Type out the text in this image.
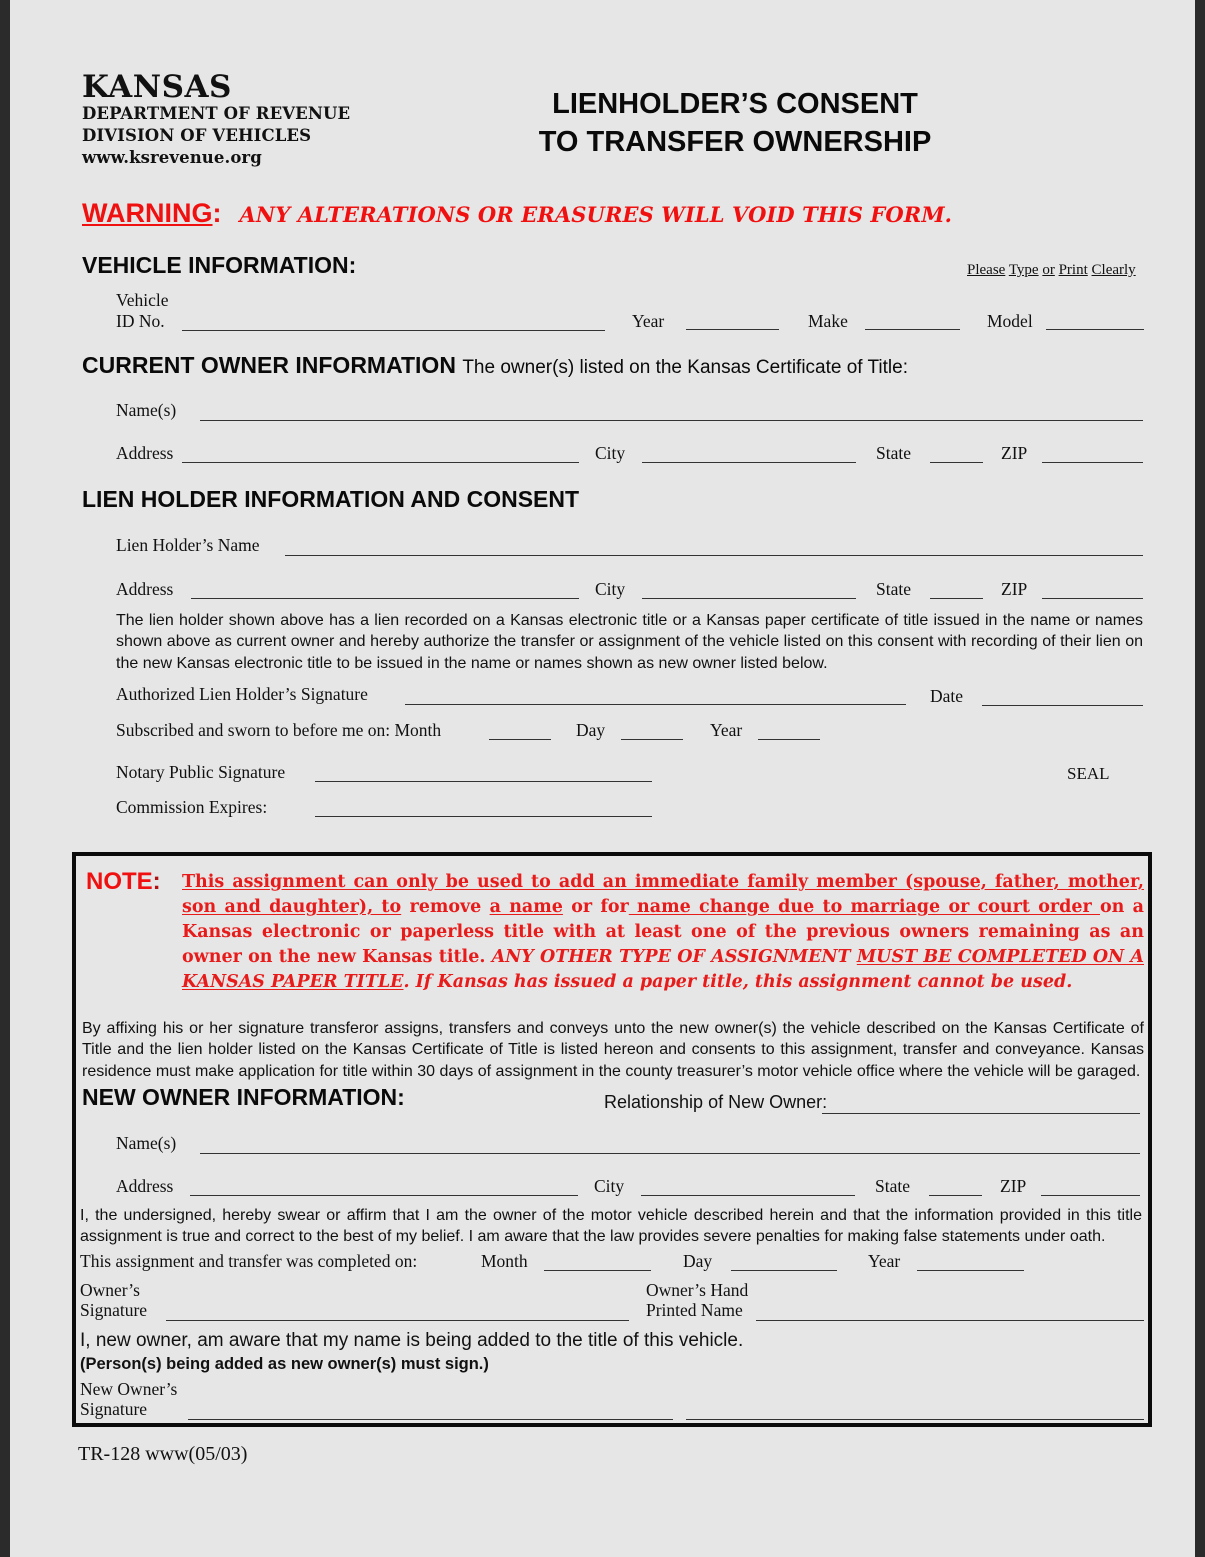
KANSAS
DEPARTMENT OF REVENUE
DIVISION OF VEHICLES
www.ksrevenue.org
LIENHOLDER’S CONSENT
TO TRANSFER OWNERSHIP
WARNING: ANY ALTERATIONS OR ERASURES WILL VOID THIS FORM.
VEHICLE INFORMATION:	Please Type or Print Clearly
Vehicle
ID No.	Year	Make	Model
CURRENT OWNER INFORMATION The owner(s) listed on the Kansas Certificate of Title:
Name(s)
Address	City	State	ZIP
LIEN HOLDER INFORMATION AND CONSENT
Lien Holder’s Name
Address	City	State	ZIP
The lien holder shown above has a lien recorded on a Kansas electronic title or a Kansas paper certificate of title issued in the name or names shown above as current owner and hereby authorize the transfer or assignment of the vehicle listed on this consent with recording of their lien on the new Kansas electronic title to be issued in the name or names shown as new owner listed below.
Authorized Lien Holder’s Signature	Date
Subscribed and sworn to before me on: Month	Day	Year
Notary Public Signature	SEAL
Commission Expires:
NOTE: This assignment can only be used to add an immediate family member (spouse, father, mother, son and daughter), to remove a name or for name change due to marriage or court order on a Kansas electronic or paperless title with at least one of the previous owners remaining as an owner on the new Kansas title. ANY OTHER TYPE OF ASSIGNMENT MUST BE COMPLETED ON A KANSAS PAPER TITLE. If Kansas has issued a paper title, this assignment cannot be used.
By affixing his or her signature transferor assigns, transfers and conveys unto the new owner(s) the vehicle described on the Kansas Certificate of Title and the lien holder listed on the Kansas Certificate of Title is listed hereon and consents to this assignment, transfer and conveyance. Kansas residence must make application for title within 30 days of assignment in the county treasurer’s motor vehicle office where the vehicle will be garaged.
NEW OWNER INFORMATION:	Relationship of New Owner:
Name(s)
Address	City	State	ZIP
I, the undersigned, hereby swear or affirm that I am the owner of the motor vehicle described herein and that the information provided in this title assignment is true and correct to the best of my belief. I am aware that the law provides severe penalties for making false statements under oath.
This assignment and transfer was completed on:	Month	Day	Year
Owner’s
Signature
Owner’s Hand
Printed Name
I, new owner, am aware that my name is being added to the title of this vehicle.
(Person(s) being added as new owner(s) must sign.)
New Owner’s
Signature
TR-128 www(05/03)
